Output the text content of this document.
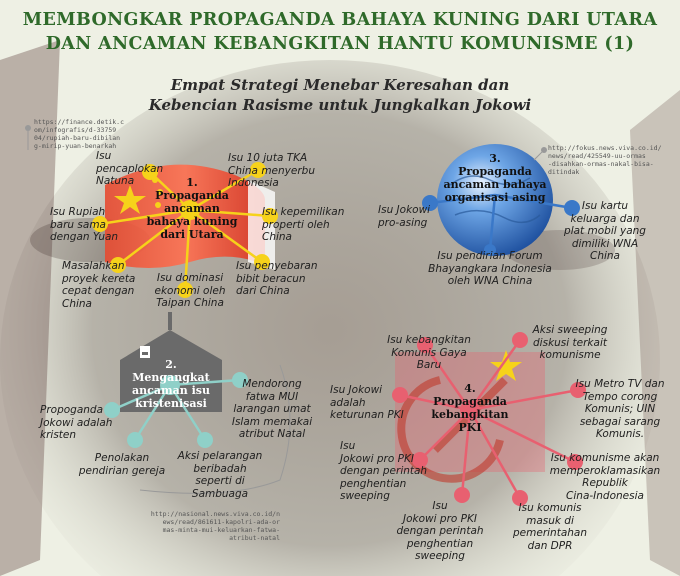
MEMBONGKAR PROPAGANDA BAHAYA KUNING DARI UTARA
DAN ANCAMAN KEBANGKITAN HANTU KOMUNISME (1)
Empat Strategi Menebar Keresahan dan
Kebencian Rasisme untuk Jungkalkan Jokowi
https://finance.detik.c
om/infografis/d-33759
04/rupiah-baru-dibilan
g-mirip-yuan-benarkah
1.
Propaganda
ancaman
bahaya kuning
dari Utara
Isu
pencaplokan
Natuna
Isu 10 juta TKA
China menyerbu
Indonesia
Isu Rupiah
baru sama
dengan Yuan
Isu kepemilikan
properti oleh
China
Masalahkan
proyek kereta
cepat dengan
China
Isu dominasi
ekonomi oleh
Taipan China
Isu penyebaran
bibit beracun
dari China
http://fokus.news.viva.co.id/
news/read/425549-uu-ormas
-disahkan-ormas-nakal-bisa-
ditindak
3.
Propaganda
ancaman bahaya
organisasi asing
Isu Jokowi
pro-asing
Isu kartu
keluarga dan
plat mobil yang
dimiliki WNA
China
Isu pendirian Forum
Bhayangkara Indonesia
oleh WNA China
2.
Mengangkat
ancaman isu
kristenisasi
Propoganda
Jokowi adalah
kristen
Mendorong
fatwa MUI
larangan umat
Islam memakai
atribut Natal
Penolakan
pendirian gereja
Aksi pelarangan
beribadah
seperti di
Sambuaga
http://nasional.news.viva.co.id/n
ews/read/861611-kapolri-ada-or
mas-minta-mui-keluarkan-fatwa-
atribut-natal
4.
Propaganda
kebangkitan
PKI
Isu kebangkitan
Komunis Gaya
Baru
Aksi sweeping
diskusi terkait
komunisme
Isu Jokowi
adalah
keturunan PKI
Isu Metro TV dan
Tempo corong
Komunis; UIN
sebagai sarang
Komunis.
Isu
Jokowi pro PKI
dengan perintah
penghentian
sweeping
Isu komunisme akan
memperoklamasikan
Republik
Cina-Indonesia
Isu
Jokowi pro PKI
dengan perintah
penghentian
sweeping
Isu komunis
masuk di
pemerintahan
dan DPR
